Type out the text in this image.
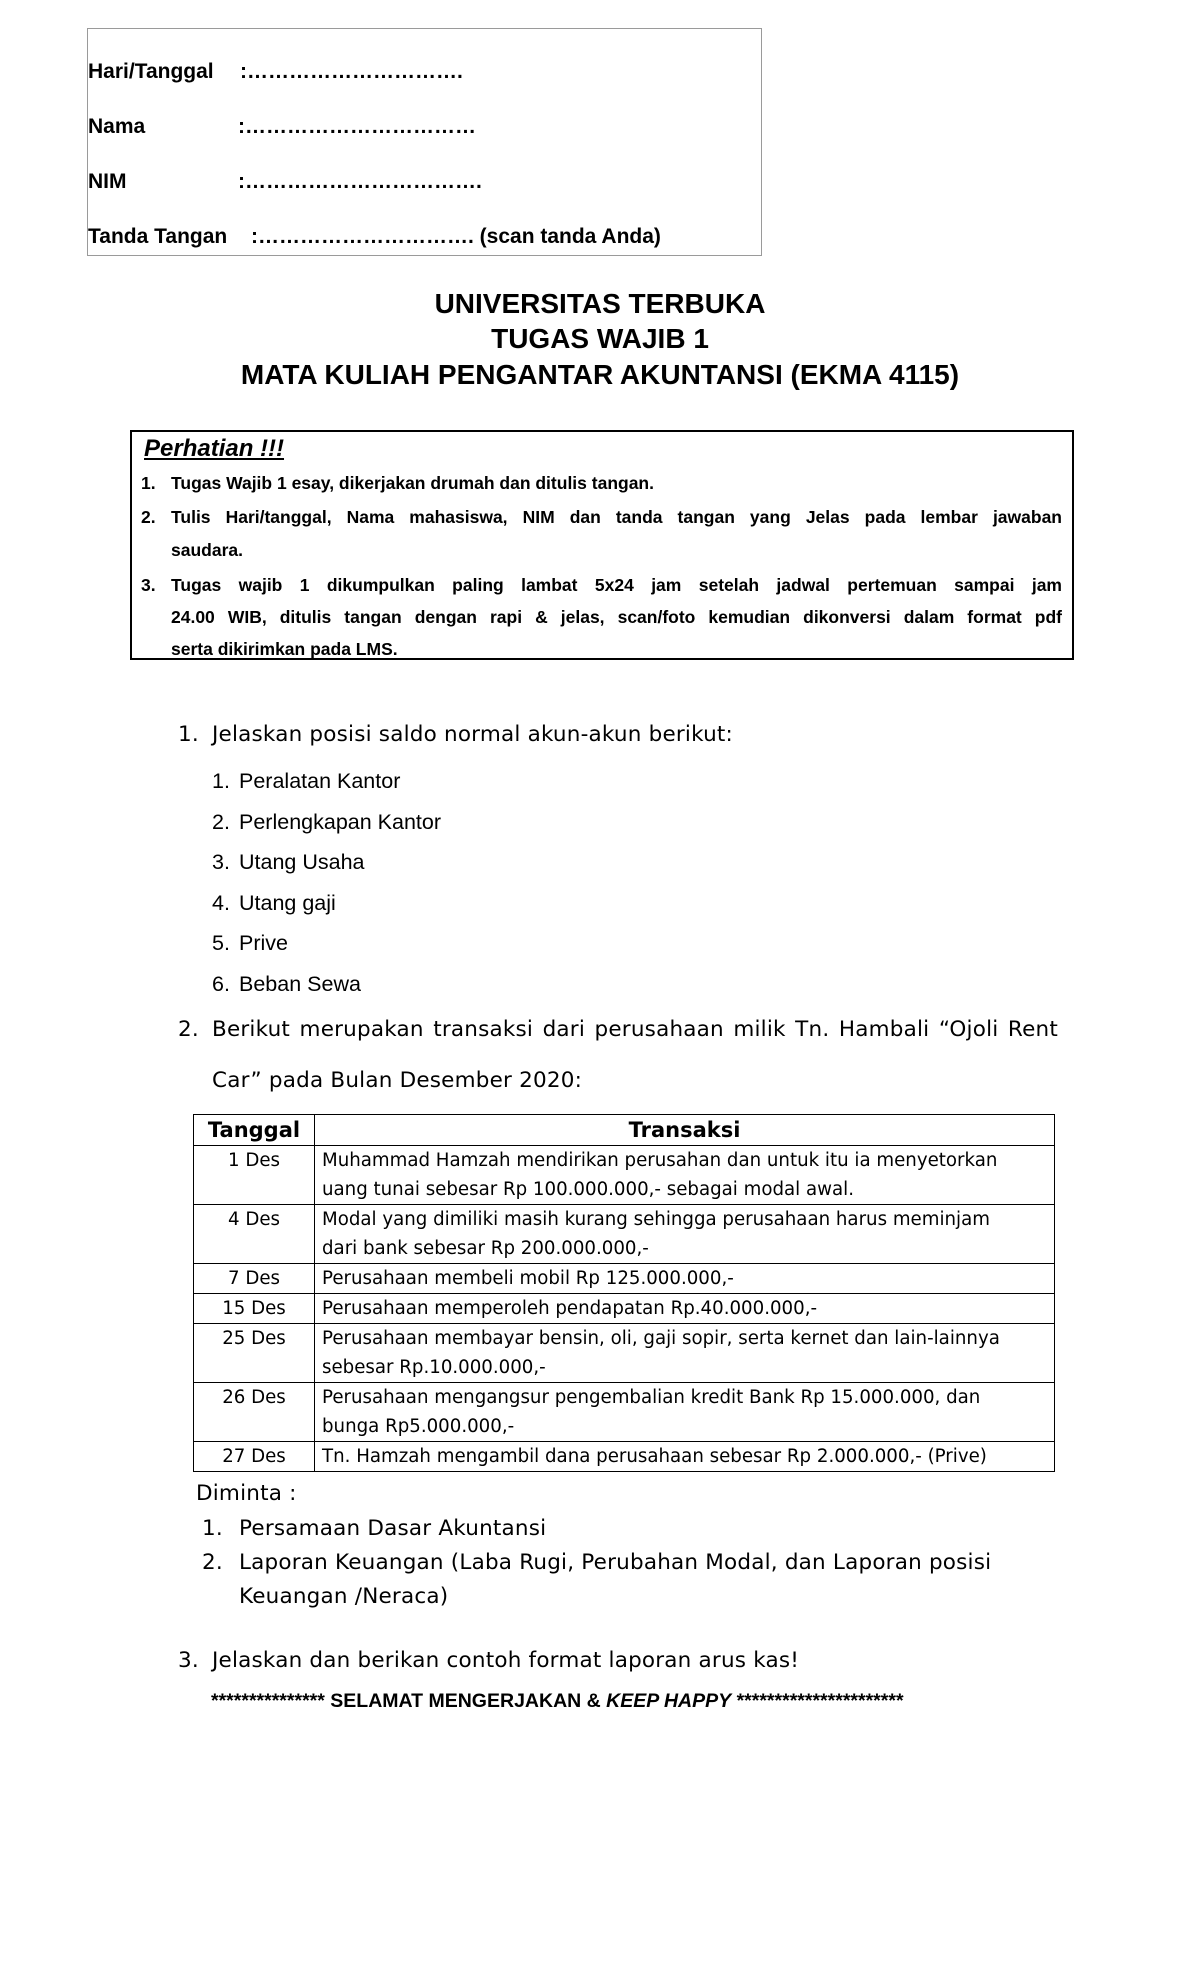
Hari/Tanggal :………………………….
Nama	:……………………………
NIM	:…………………………….
Tanda Tangan :…………………………. (scan tanda Anda)
UNIVERSITAS TERBUKA
TUGAS WAJIB 1
MATA KULIAH PENGANTAR AKUNTANSI (EKMA 4115)
Perhatian !!!
1. Tugas Wajib 1 esay, dikerjakan drumah dan ditulis tangan.
2. Tulis Hari/tanggal, Nama mahasiswa, NIM dan tanda tangan yang Jelas pada lembar jawaban
saudara.
3. Tugas wajib 1 dikumpulkan paling lambat 5x24 jam setelah jadwal pertemuan sampai jam
24.00 WIB, ditulis tangan dengan rapi & jelas, scan/foto kemudian dikonversi dalam format pdf
serta dikirimkan pada LMS.
1. Jelaskan posisi saldo normal akun-akun berikut:
1. Peralatan Kantor
2. Perlengkapan Kantor
3. Utang Usaha
4. Utang gaji
5. Prive
6. Beban Sewa
2. Berikut merupakan transaksi dari perusahaan milik Tn. Hambali “Ojoli Rent
Car” pada Bulan Desember 2020:
Tanggal	Transaksi
1 Des	Muhammad Hamzah mendirikan perusahan dan untuk itu ia menyetorkan
uang tunai sebesar Rp 100.000.000,- sebagai modal awal.

4 Des	Modal yang dimiliki masih kurang sehingga perusahaan harus meminjam
dari bank sebesar Rp 200.000.000,-

7 Des	Perusahaan membeli mobil Rp 125.000.000,-

15 Des	Perusahaan memperoleh pendapatan Rp.40.000.000,-

25 Des	Perusahaan membayar bensin, oli, gaji sopir, serta kernet dan lain-lainnya
sebesar Rp.10.000.000,-

26 Des	Perusahaan mengangsur pengembalian kredit Bank Rp 15.000.000, dan
bunga Rp5.000.000,-

27 Des	Tn. Hamzah mengambil dana perusahaan sebesar Rp 2.000.000,- (Prive)
Diminta :
1. Persamaan Dasar Akuntansi
2. Laporan Keuangan (Laba Rugi, Perubahan Modal, dan Laporan posisi
Keuangan /Neraca)
3. Jelaskan dan berikan contoh format laporan arus kas!
*************** SELAMAT MENGERJAKAN & KEEP HAPPY **********************
